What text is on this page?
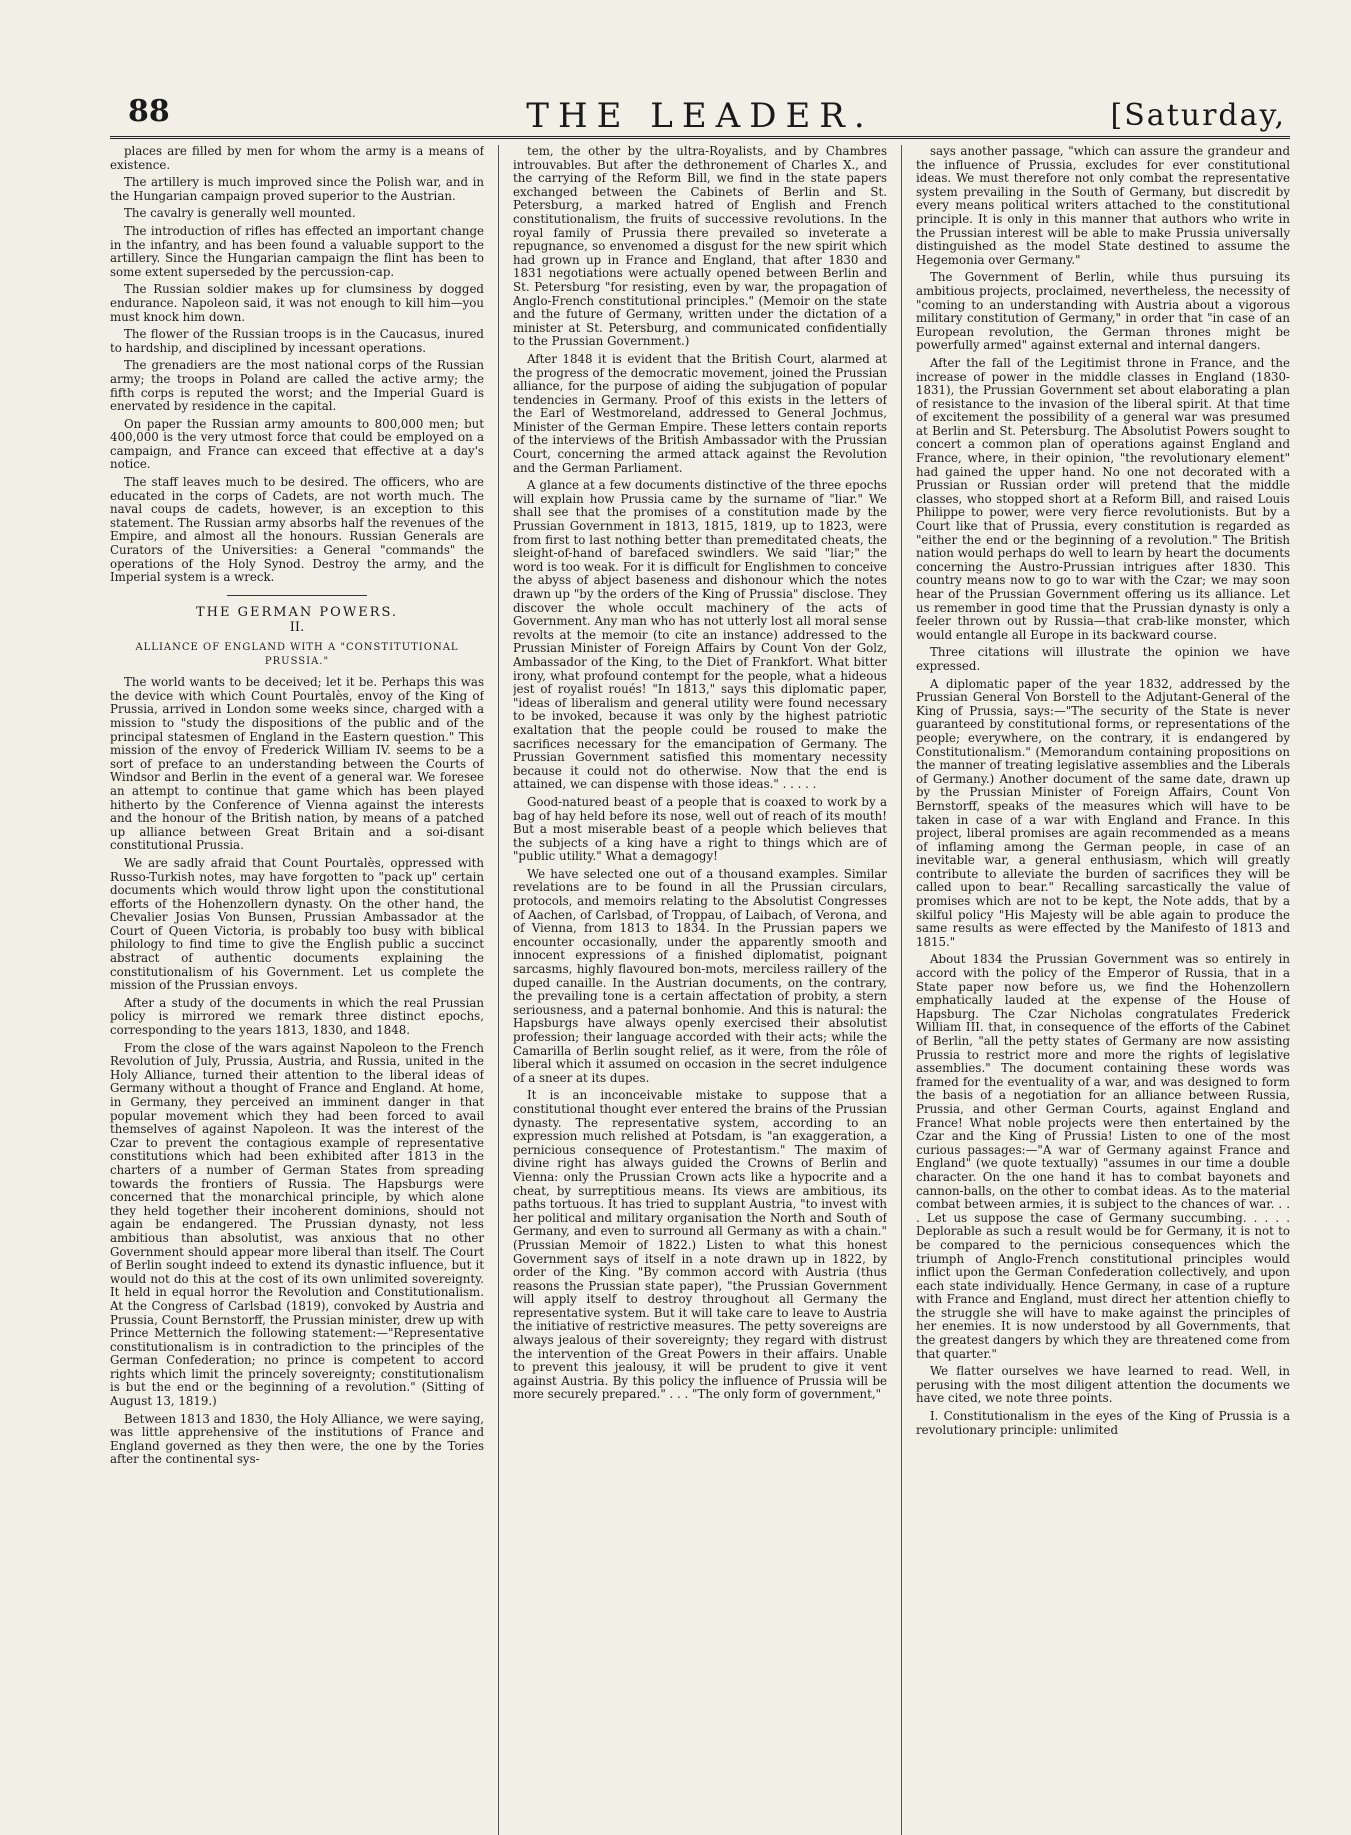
88	THE LEADER.	[Saturday,

places are filled by men for whom the army is a means of existence.

The artillery is much improved since the Polish war, and in the Hungarian campaign proved superior to the Austrian.

The cavalry is generally well mounted.

The introduction of rifles has effected an important change in the infantry, and has been found a valuable support to the artillery. Since the Hungarian campaign the flint has been to some extent superseded by the percussion-cap.

The Russian soldier makes up for clumsiness by dogged endurance. Napoleon said, it was not enough to kill him—you must knock him down.

The flower of the Russian troops is in the Caucasus, inured to hardship, and disciplined by incessant operations.

The grenadiers are the most national corps of the Russian army; the troops in Poland are called the active army; the fifth corps is reputed the worst; and the Imperial Guard is enervated by residence in the capital.

On paper the Russian army amounts to 800,000 men; but 400,000 is the very utmost force that could be employed on a campaign, and France can exceed that effective at a day's notice.

The staff leaves much to be desired. The officers, who are educated in the corps of Cadets, are not worth much. The naval coups de cadets, however, is an exception to this statement. The Russian army absorbs half the revenues of the Empire, and almost all the honours. Russian Generals are Curators of the Universities: a General "commands" the operations of the Holy Synod. Destroy the army, and the Imperial system is a wreck.

THE GERMAN POWERS.
II.
ALLIANCE OF ENGLAND WITH A "CONSTITUTIONAL PRUSSIA."

The world wants to be deceived; let it be. Perhaps this was the device with which Count Pourtalès, envoy of the King of Prussia, arrived in London some weeks since, charged with a mission to "study the dispositions of the public and of the principal statesmen of England in the Eastern question." This mission of the envoy of Frederick William IV. seems to be a sort of preface to an understanding between the Courts of Windsor and Berlin in the event of a general war. We foresee an attempt to continue that game which has been played hitherto by the Conference of Vienna against the interests and the honour of the British nation, by means of a patched up alliance between Great Britain and a soi-disant constitutional Prussia.

We are sadly afraid that Count Pourtalès, oppressed with Russo-Turkish notes, may have forgotten to "pack up" certain documents which would throw light upon the constitutional efforts of the Hohenzollern dynasty. On the other hand, the Chevalier Josias Von Bunsen, Prussian Ambassador at the Court of Queen Victoria, is probably too busy with biblical philology to find time to give the English public a succinct abstract of authentic documents explaining the constitutionalism of his Government. Let us complete the mission of the Prussian envoys.

After a study of the documents in which the real Prussian policy is mirrored we remark three distinct epochs, corresponding to the years 1813, 1830, and 1848.

From the close of the wars against Napoleon to the French Revolution of July, Prussia, Austria, and Russia, united in the Holy Alliance, turned their attention to the liberal ideas of Germany without a thought of France and England. At home, in Germany, they perceived an imminent danger in that popular movement which they had been forced to avail themselves of against Napoleon. It was the interest of the Czar to prevent the contagious example of representative constitutions which had been exhibited after 1813 in the charters of a number of German States from spreading towards the frontiers of Russia. The Hapsburgs were concerned that the monarchical principle, by which alone they held together their incoherent dominions, should not again be endangered. The Prussian dynasty, not less ambitious than absolutist, was anxious that no other Government should appear more liberal than itself. The Court of Berlin sought indeed to extend its dynastic influence, but it would not do this at the cost of its own unlimited sovereignty. It held in equal horror the Revolution and Constitutionalism. At the Congress of Carlsbad (1819), convoked by Austria and Prussia, Count Bernstorff, the Prussian minister, drew up with Prince Metternich the following statement:—"Representative constitutionalism is in contradiction to the principles of the German Confederation; no prince is competent to accord rights which limit the princely sovereignty; constitutionalism is but the end or the beginning of a revolution." (Sitting of August 13, 1819.)

Between 1813 and 1830, the Holy Alliance, we were saying, was little apprehensive of the institutions of France and England governed as they then were, the one by the Tories after the continental sys-

tem, the other by the ultra-Royalists, and by Chambres introuvables. But after the dethronement of Charles X., and the carrying of the Reform Bill, we find in the state papers exchanged between the Cabinets of Berlin and St. Petersburg, a marked hatred of English and French constitutionalism, the fruits of successive revolutions. In the royal family of Prussia there prevailed so inveterate a repugnance, so envenomed a disgust for the new spirit which had grown up in France and England, that after 1830 and 1831 negotiations were actually opened between Berlin and St. Petersburg "for resisting, even by war, the propagation of Anglo-French constitutional principles." (Memoir on the state and the future of Germany, written under the dictation of a minister at St. Petersburg, and communicated confidentially to the Prussian Government.)

After 1848 it is evident that the British Court, alarmed at the progress of the democratic movement, joined the Prussian alliance, for the purpose of aiding the subjugation of popular tendencies in Germany. Proof of this exists in the letters of the Earl of Westmoreland, addressed to General Jochmus, Minister of the German Empire. These letters contain reports of the interviews of the British Ambassador with the Prussian Court, concerning the armed attack against the Revolution and the German Parliament.

A glance at a few documents distinctive of the three epochs will explain how Prussia came by the surname of "liar." We shall see that the promises of a constitution made by the Prussian Government in 1813, 1815, 1819, up to 1823, were from first to last nothing better than premeditated cheats, the sleight-of-hand of barefaced swindlers. We said "liar;" the word is too weak. For it is difficult for Englishmen to conceive the abyss of abject baseness and dishonour which the notes drawn up "by the orders of the King of Prussia" disclose. They discover the whole occult machinery of the acts of Government. Any man who has not utterly lost all moral sense revolts at the memoir (to cite an instance) addressed to the Prussian Minister of Foreign Affairs by Count Von der Golz, Ambassador of the King, to the Diet of Frankfort. What bitter irony, what profound contempt for the people, what a hideous jest of royalist roués! "In 1813," says this diplomatic paper, "ideas of liberalism and general utility were found necessary to be invoked, because it was only by the highest patriotic exaltation that the people could be roused to make the sacrifices necessary for the emancipation of Germany. The Prussian Government satisfied this momentary necessity because it could not do otherwise. Now that the end is attained, we can dispense with those ideas." . . . . .

Good-natured beast of a people that is coaxed to work by a bag of hay held before its nose, well out of reach of its mouth! But a most miserable beast of a people which believes that the subjects of a king have a right to things which are of "public utility." What a demagogy!

We have selected one out of a thousand examples. Similar revelations are to be found in all the Prussian circulars, protocols, and memoirs relating to the Absolutist Congresses of Aachen, of Carlsbad, of Troppau, of Laibach, of Verona, and of Vienna, from 1813 to 1834. In the Prussian papers we encounter occasionally, under the apparently smooth and innocent expressions of a finished diplomatist, poignant sarcasms, highly flavoured bon-mots, merciless raillery of the duped canaille. In the Austrian documents, on the contrary, the prevailing tone is a certain affectation of probity, a stern seriousness, and a paternal bonhomie. And this is natural: the Hapsburgs have always openly exercised their absolutist profession; their language accorded with their acts; while the Camarilla of Berlin sought relief, as it were, from the rôle of liberal which it assumed on occasion in the secret indulgence of a sneer at its dupes.

It is an inconceivable mistake to suppose that a constitutional thought ever entered the brains of the Prussian dynasty. The representative system, according to an expression much relished at Potsdam, is "an exaggeration, a pernicious consequence of Protestantism." The maxim of divine right has always guided the Crowns of Berlin and Vienna: only the Prussian Crown acts like a hypocrite and a cheat, by surreptitious means. Its views are ambitious, its paths tortuous. It has tried to supplant Austria, "to invest with her political and military organisation the North and South of Germany, and even to surround all Germany as with a chain." (Prussian Memoir of 1822.) Listen to what this honest Government says of itself in a note drawn up in 1822, by order of the King. "By common accord with Austria (thus reasons the Prussian state paper), "the Prussian Government will apply itself to destroy throughout all Germany the representative system. But it will take care to leave to Austria the initiative of restrictive measures. The petty sovereigns are always jealous of their sovereignty; they regard with distrust the intervention of the Great Powers in their affairs. Unable to prevent this jealousy, it will be prudent to give it vent against Austria. By this policy the influence of Prussia will be more securely prepared." . . . "The only form of government,"

says another passage, "which can assure the grandeur and the influence of Prussia, excludes for ever constitutional ideas. We must therefore not only combat the representative system prevailing in the South of Germany, but discredit by every means political writers attached to the constitutional principle. It is only in this manner that authors who write in the Prussian interest will be able to make Prussia universally distinguished as the model State destined to assume the Hegemonia over Germany."

The Government of Berlin, while thus pursuing its ambitious projects, proclaimed, nevertheless, the necessity of "coming to an understanding with Austria about a vigorous military constitution of Germany," in order that "in case of an European revolution, the German thrones might be powerfully armed" against external and internal dangers.

After the fall of the Legitimist throne in France, and the increase of power in the middle classes in England (1830-1831), the Prussian Government set about elaborating a plan of resistance to the invasion of the liberal spirit. At that time of excitement the possibility of a general war was presumed at Berlin and St. Petersburg. The Absolutist Powers sought to concert a common plan of operations against England and France, where, in their opinion, "the revolutionary element" had gained the upper hand. No one not decorated with a Prussian or Russian order will pretend that the middle classes, who stopped short at a Reform Bill, and raised Louis Philippe to power, were very fierce revolutionists. But by a Court like that of Prussia, every constitution is regarded as "either the end or the beginning of a revolution." The British nation would perhaps do well to learn by heart the documents concerning the Austro-Prussian intrigues after 1830. This country means now to go to war with the Czar; we may soon hear of the Prussian Government offering us its alliance. Let us remember in good time that the Prussian dynasty is only a feeler thrown out by Russia—that crab-like monster, which would entangle all Europe in its backward course.

Three citations will illustrate the opinion we have expressed.

A diplomatic paper of the year 1832, addressed by the Prussian General Von Borstell to the Adjutant-General of the King of Prussia, says:—"The security of the State is never guaranteed by constitutional forms, or representations of the people; everywhere, on the contrary, it is endangered by Constitutionalism." (Memorandum containing propositions on the manner of treating legislative assemblies and the Liberals of Germany.) Another document of the same date, drawn up by the Prussian Minister of Foreign Affairs, Count Von Bernstorff, speaks of the measures which will have to be taken in case of a war with England and France. In this project, liberal promises are again recommended as a means of inflaming among the German people, in case of an inevitable war, a general enthusiasm, which will greatly contribute to alleviate the burden of sacrifices they will be called upon to bear." Recalling sarcastically the value of promises which are not to be kept, the Note adds, that by a skilful policy "His Majesty will be able again to produce the same results as were effected by the Manifesto of 1813 and 1815."

About 1834 the Prussian Government was so entirely in accord with the policy of the Emperor of Russia, that in a State paper now before us, we find the Hohenzollern emphatically lauded at the expense of the House of Hapsburg. The Czar Nicholas congratulates Frederick William III. that, in consequence of the efforts of the Cabinet of Berlin, "all the petty states of Germany are now assisting Prussia to restrict more and more the rights of legislative assemblies." The document containing these words was framed for the eventuality of a war, and was designed to form the basis of a negotiation for an alliance between Russia, Prussia, and other German Courts, against England and France! What noble projects were then entertained by the Czar and the King of Prussia! Listen to one of the most curious passages:—"A war of Germany against France and England" (we quote textually) "assumes in our time a double character. On the one hand it has to combat bayonets and cannon-balls, on the other to combat ideas. As to the material combat between armies, it is subject to the chances of war. . . . Let us suppose the case of Germany succumbing. . . . . Deplorable as such a result would be for Germany, it is not to be compared to the pernicious consequences which the triumph of Anglo-French constitutional principles would inflict upon the German Confederation collectively, and upon each state individually. Hence Germany, in case of a rupture with France and England, must direct her attention chiefly to the struggle she will have to make against the principles of her enemies. It is now understood by all Governments, that the greatest dangers by which they are threatened come from that quarter."

We flatter ourselves we have learned to read. Well, in perusing with the most diligent attention the documents we have cited, we note three points.

I. Constitutionalism in the eyes of the King of Prussia is a revolutionary principle: unlimited
